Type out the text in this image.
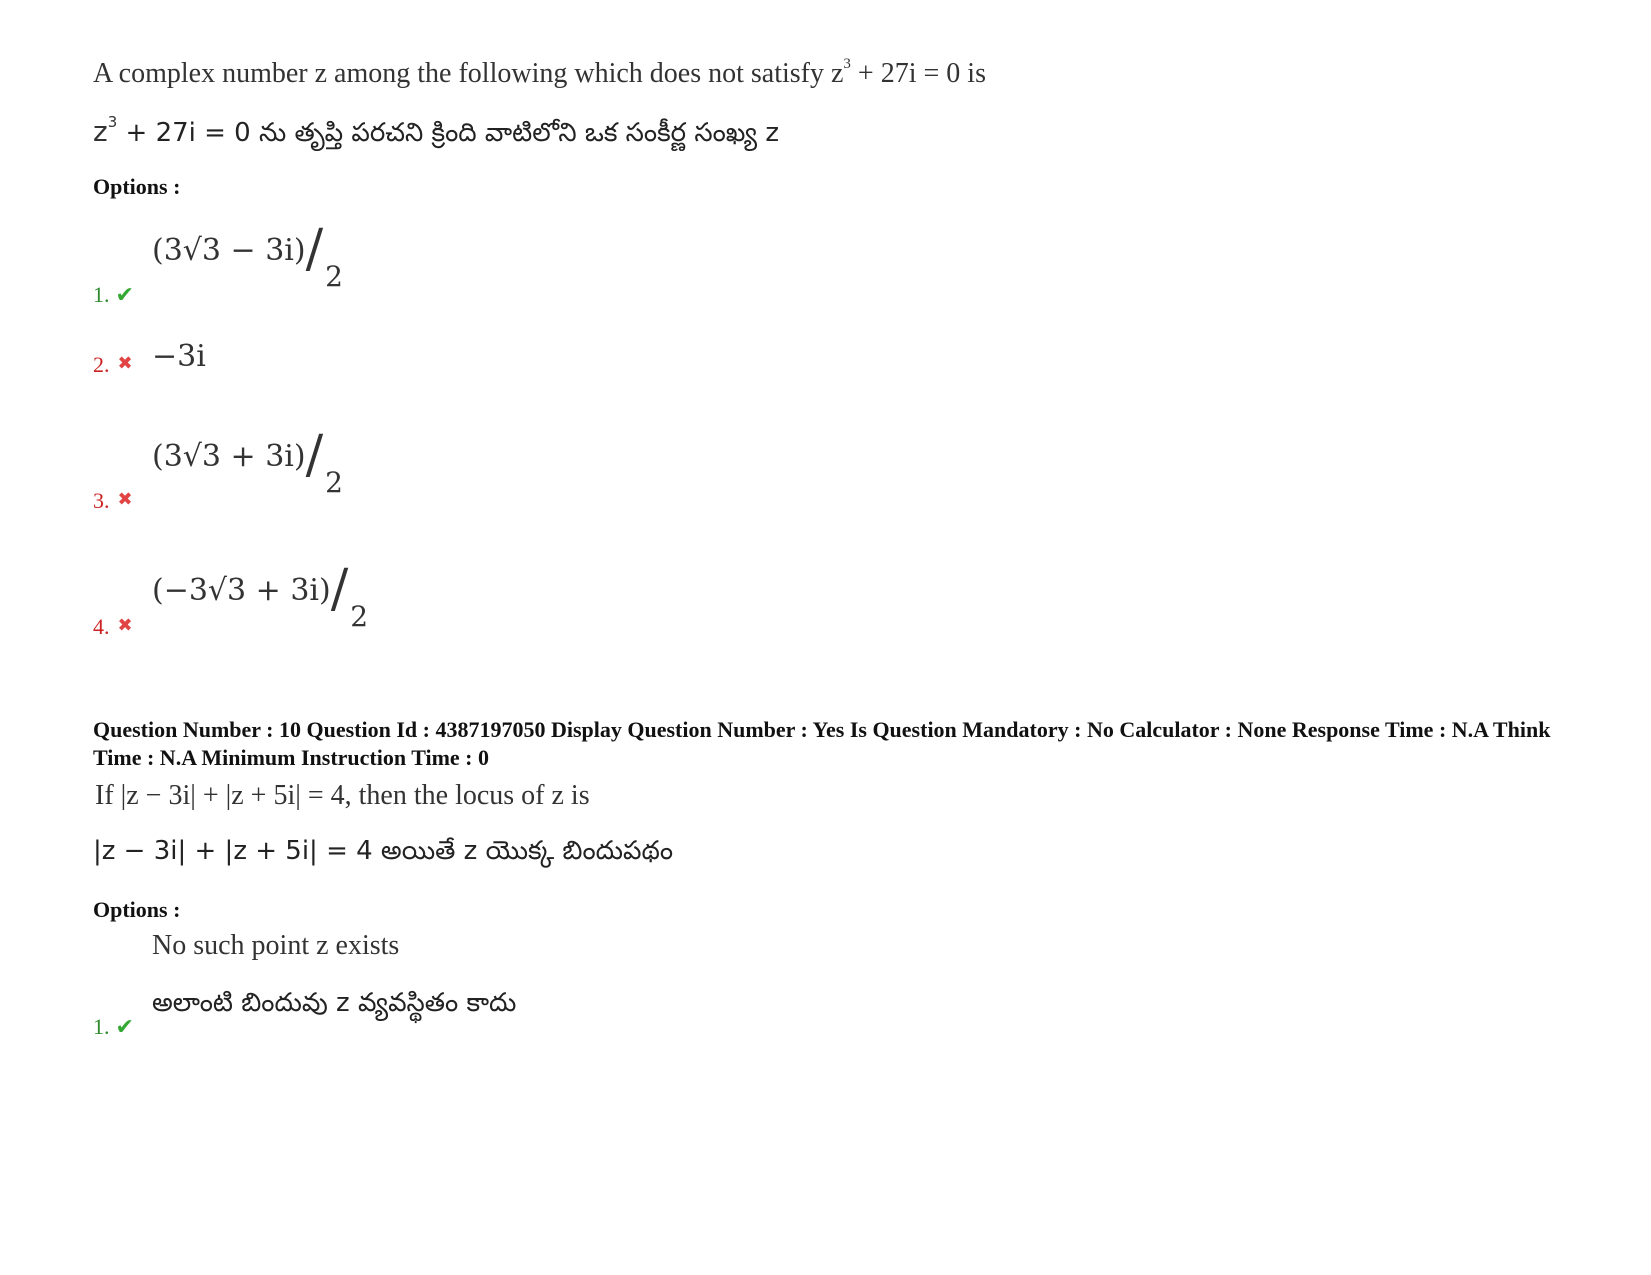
A complex number z among the following which does not satisfy $z^3 + 27i = 0$ is
$z^3 + 27i = 0$ ను తృప్తి పరచని క్రింది వాటిలోని ఒక సంకీర్ణ సంఖ్య z
Options :
(3√3 − 3i)/2
1. ✔
2. ✖ −3i
(3√3 + 3i)/2
3. ✖
(−3√3 + 3i)/2
4. ✖
Question Number : 10 Question Id : 4387197050 Display Question Number : Yes Is Question Mandatory : No Calculator : None Response Time : N.A Think Time : N.A Minimum Instruction Time : 0
If |z − 3i| + |z + 5i| = 4, then the locus of z is
|z − 3i| + |z + 5i| = 4 అయితే z యొక్క బిందుపథం
Options :
No such point z exists
అలాంటి బిందువు z వ్యవస్థితం కాదు
1. ✔
